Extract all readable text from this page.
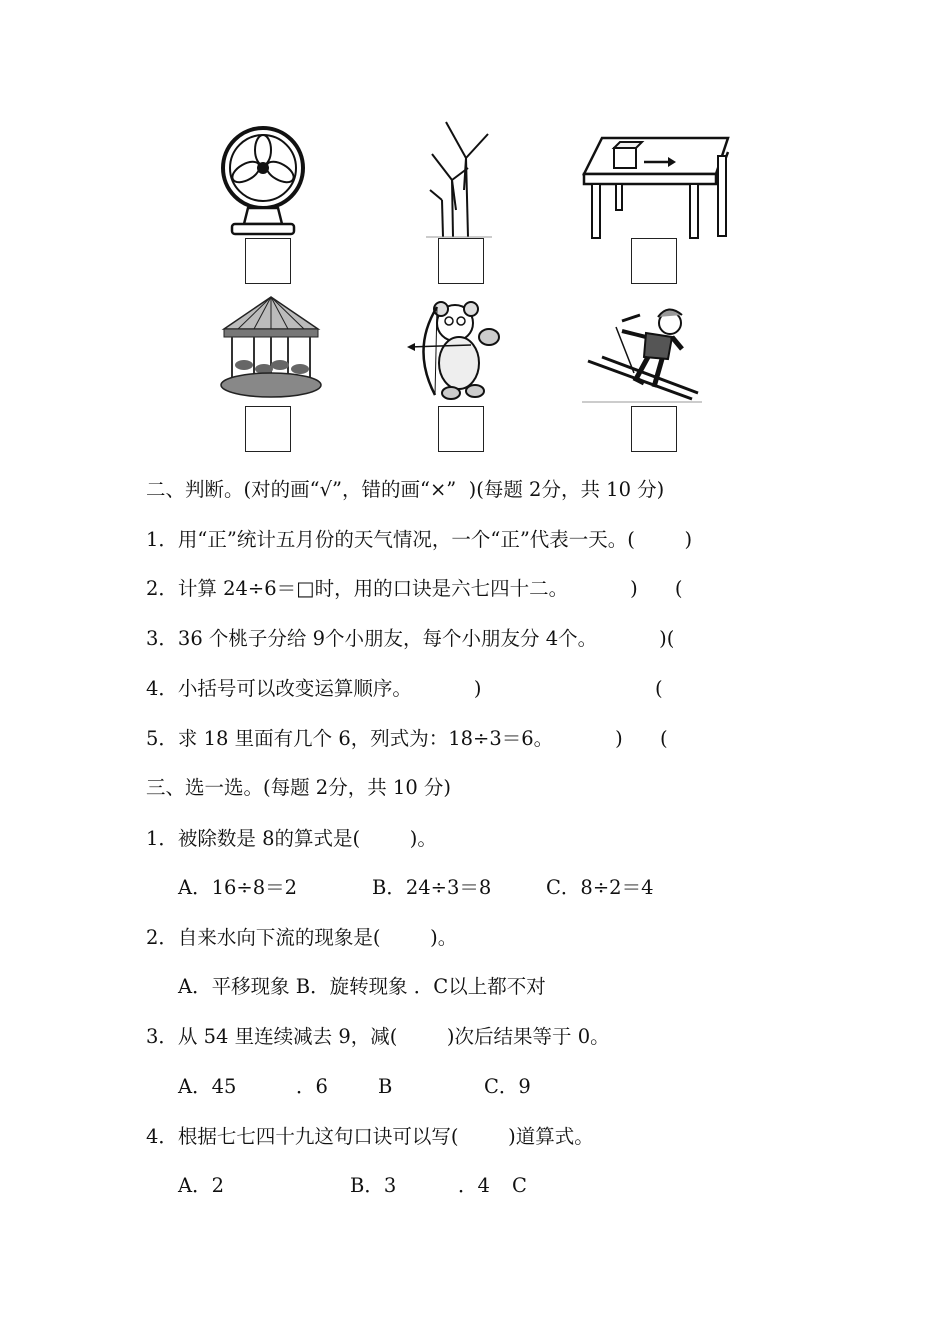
二、判断。(对的画“√”，错的画“×”  )(每题 2分，共 10 分)
1．用“正”统计五月份的天气情况，一个“正”代表一天。(        )
2．计算 24÷6＝□时，用的口诀是六七四十二。          )      (
3．36 个桃子分给 9个小朋友，每个小朋友分 4个。          )(
4．小括号可以改变运算顺序。          )                            (
5．求 18 里面有几个 6，列式为：18÷3＝6。          )      (
三、选一选。(每题 2分，共 10 分)
1．被除数是 8的算式是(        )。
A．16÷8＝2	B．24÷3＝8	C．8÷2＝4
2．自来水向下流的现象是(        )。
A．平移现象 B．旋转现象 ．C以上都不对
3．从 54 里连续减去 9，减(        )次后结果等于 0。
A．45	．6	B	C．9
4．根据七七四十九这句口诀可以写(        )道算式。
A．2	B．3	．4 C
